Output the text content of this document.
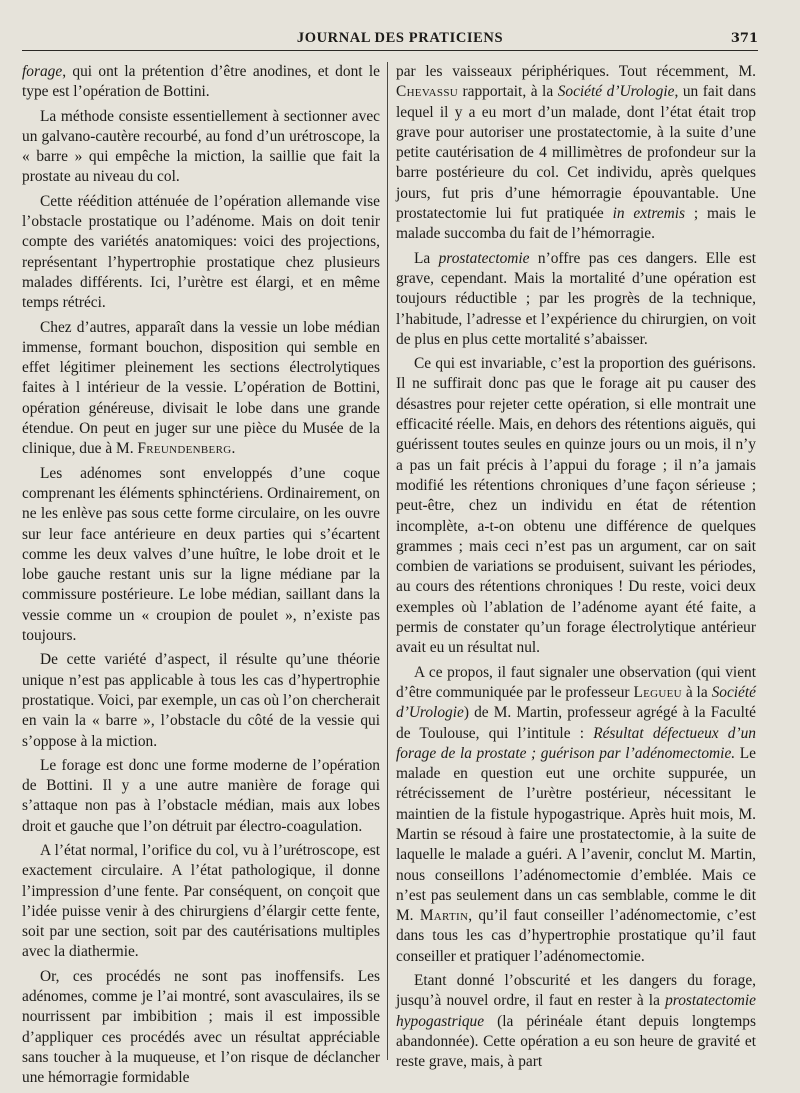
JOURNAL DES PRATICIENS	371

forage, qui ont la prétention d’être anodines, et dont le type est l’opération de Bottini.

La méthode consiste essentiellement à sectionner avec un galvano-cautère recourbé, au fond d’un urétroscope, la « barre » qui empêche la miction, la saillie que fait la prostate au niveau du col.

Cette réédition atténuée de l’opération allemande vise l’obstacle prostatique ou l’adénome. Mais on doit tenir compte des variétés anatomiques: voici des projections, représentant l’hypertrophie prostatique chez plusieurs malades différents. Ici, l’urètre est élargi, et en même temps rétréci.

Chez d’autres, apparaît dans la vessie un lobe médian immense, formant bouchon, disposition qui semble en effet légitimer pleinement les sections électrolytiques faites à l intérieur de la vessie. L’opération de Bottini, opération généreuse, divisait le lobe dans une grande étendue. On peut en juger sur une pièce du Musée de la clinique, due à M. Freundenberg.

Les adénomes sont enveloppés d’une coque comprenant les éléments sphinctériens. Ordinairement, on ne les enlève pas sous cette forme circulaire, on les ouvre sur leur face antérieure en deux parties qui s’écartent comme les deux valves d’une huître, le lobe droit et le lobe gauche restant unis sur la ligne médiane par la commissure postérieure. Le lobe médian, saillant dans la vessie comme un « croupion de poulet », n’existe pas toujours.

De cette variété d’aspect, il résulte qu’une théorie unique n’est pas applicable à tous les cas d’hypertrophie prostatique. Voici, par exemple, un cas où l’on chercherait en vain la « barre », l’obstacle du côté de la vessie qui s’oppose à la miction.

Le forage est donc une forme moderne de l’opération de Bottini. Il y a une autre manière de forage qui s’attaque non pas à l’obstacle médian, mais aux lobes droit et gauche que l’on détruit par électro-coagulation.

A l’état normal, l’orifice du col, vu à l’urétroscope, est exactement circulaire. A l’état pathologique, il donne l’impression d’une fente. Par conséquent, on conçoit que l’idée puisse venir à des chirurgiens d’élargir cette fente, soit par une section, soit par des cautérisations multiples avec la diathermie.

Or, ces procédés ne sont pas inoffensifs. Les adénomes, comme je l’ai montré, sont avasculaires, ils se nourrissent par imbibition ; mais il est impossible d’appliquer ces procédés avec un résultat appréciable sans toucher à la muqueuse, et l’on risque de déclancher une hémorragie formidable

par les vaisseaux périphériques. Tout récemment, M. Chevassu rapportait, à la Société d’Urologie, un fait dans lequel il y a eu mort d’un malade, dont l’état était trop grave pour autoriser une prostatectomie, à la suite d’une petite cautérisation de 4 millimètres de profondeur sur la barre postérieure du col. Cet individu, après quelques jours, fut pris d’une hémorragie épouvantable. Une prostatectomie lui fut pratiquée in extremis ; mais le malade succomba du fait de l’hémorragie.

La prostatectomie n’offre pas ces dangers. Elle est grave, cependant. Mais la mortalité d’une opération est toujours réductible ; par les progrès de la technique, l’habitude, l’adresse et l’expérience du chirurgien, on voit de plus en plus cette mortalité s’abaisser.

Ce qui est invariable, c’est la proportion des guérisons. Il ne suffirait donc pas que le forage ait pu causer des désastres pour rejeter cette opération, si elle montrait une efficacité réelle. Mais, en dehors des rétentions aiguës, qui guérissent toutes seules en quinze jours ou un mois, il n’y a pas un fait précis à l’appui du forage ; il n’a jamais modifié les rétentions chroniques d’une façon sérieuse ; peut-être, chez un individu en état de rétention incomplète, a-t-on obtenu une différence de quelques grammes ; mais ceci n’est pas un argument, car on sait combien de variations se produisent, suivant les périodes, au cours des rétentions chroniques ! Du reste, voici deux exemples où l’ablation de l’adénome ayant été faite, a permis de constater qu’un forage électrolytique antérieur avait eu un résultat nul.

A ce propos, il faut signaler une observation (qui vient d’être communiquée par le professeur Legueu à la Société d’Urologie) de M. Martin, professeur agrégé à la Faculté de Toulouse, qui l’intitule : Résultat défectueux d’un forage de la prostate ; guérison par l’adénomectomie. Le malade en question eut une orchite suppurée, un rétrécissement de l’urètre postérieur, nécessitant le maintien de la fistule hypogastrique. Après huit mois, M. Martin se résoud à faire une prostatectomie, à la suite de laquelle le malade a guéri. A l’avenir, conclut M. Martin, nous conseillons l’adénomectomie d’emblée. Mais ce n’est pas seulement dans un cas semblable, comme le dit M. Martin, qu’il faut conseiller l’adénomectomie, c’est dans tous les cas d’hypertrophie prostatique qu’il faut conseiller et pratiquer l’adénomectomie.

Etant donné l’obscurité et les dangers du forage, jusqu’à nouvel ordre, il faut en rester à la prostatectomie hypogastrique (la périnéale étant depuis longtemps abandonnée). Cette opération a eu son heure de gravité et reste grave, mais, à part
